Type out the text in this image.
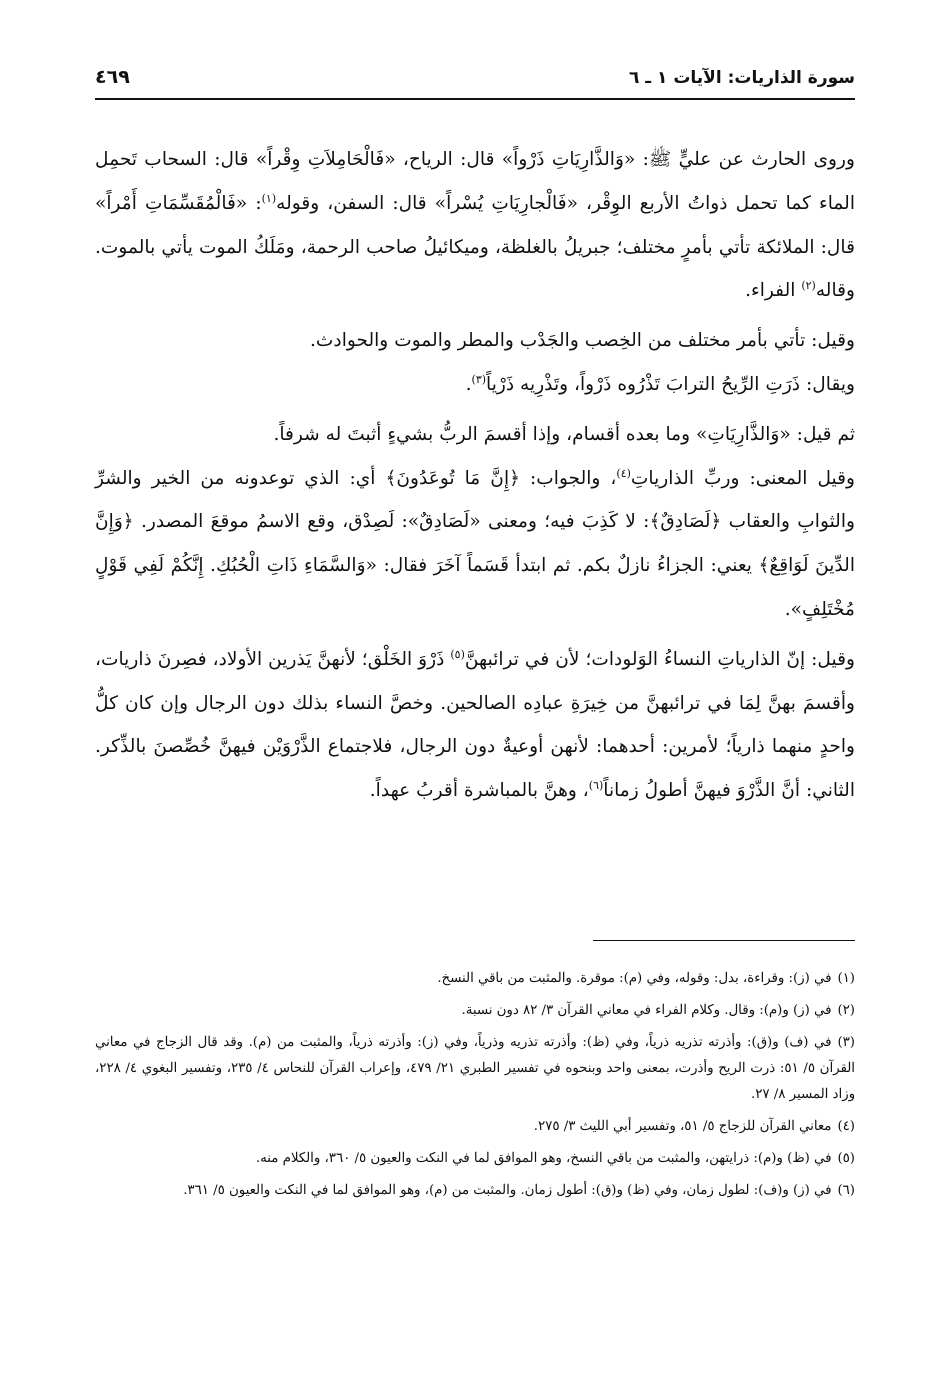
سورة الذاريات: الآيات ١ ـ ٦
٤٦٩

وروى الحارث عن عليٍّ ﷺ: «وَالذَّارِيَاتِ ذَرْواً» قال: الرياح، «فَالْحَامِلاَتِ وِقْراً» قال: السحاب تَحمِل الماء كما تحمل ذواتُ الأربع الوِقْر، «فَالْجارِيَاتِ يُسْراً» قال: السفن، وقوله$^{(١)}$: «فَالْمُقَسِّمَاتِ أَمْراً» قال: الملائكة تأتي بأمرٍ مختلف؛ جبريلُ بالغلظة، وميكائيلُ صاحب الرحمة، ومَلَكُ الموت يأتي بالموت. وقاله$^{(٢)}$ الفراء.

وقيل: تأتي بأمر مختلف من الخِصب والجَدْب والمطر والموت والحوادث.

ويقال: ذَرَتِ الرِّيحُ الترابَ تَذْرُوه ذَرْواً، وتَذْرِيه ذَرْياً$^{(٣)}$.

ثم قيل: «وَالذَّارِيَاتِ» وما بعده أقسام، وإذا أقسمَ الربُّ بشيءٍ أثبتَ له شرفاً.

وقيل المعنى: وربِّ الذارياتِ$^{(٤)}$، والجواب: ﴿إِنَّ مَا تُوعَدُونَ﴾ أي: الذي توعدونه من الخير والشرِّ والثوابِ والعقاب ﴿لَصَادِقٌ﴾: لا كَذِبَ فيه؛ ومعنى «لَصَادِقٌ»: لَصِدْق، وقع الاسمُ موقعَ المصدر. ﴿وَإِنَّ الدِّينَ لَوَاقِعٌ﴾ يعني: الجزاءُ نازلٌ بكم. ثم ابتدأ قَسَماً آخَرَ فقال: «وَالسَّمَاءِ ذَاتِ الْحُبُكِ. إِنَّكُمْ لَفِي قَوْلٍ مُخْتَلِفٍ».

وقيل: إنّ الذارياتِ النساءُ الوَلودات؛ لأن في ترائبهنَّ$^{(٥)}$ ذَرْوَ الخَلْق؛ لأنهنَّ يَذرين الأولاد، فصِرنَ ذاريات، وأقسمَ بهنَّ لِمَا في ترائبهنَّ من خِيرَةِ عبادِه الصالحين. وخصَّ النساء بذلك دون الرجال وإن كان كلُّ واحدٍ منهما ذارياً؛ لأمرين: أحدهما: لأنهن أوعيةٌ دون الرجال، فلاجتماع الذَّرْوَيْن فيهنَّ خُصِّصنَ بالذِّكر. الثاني: أنَّ الذَّرْوَ فيهنَّ أطولُ زماناً$^{(٦)}$، وهنَّ بالمباشرة أقربُ عهداً.

(١)في (ز): وقراءة، بدل: وقوله، وفي (م): موقرة. والمثبت من باقي النسخ.

(٢)في (ز) و(م): وقال. وكلام الفراء في معاني القرآن ٣/ ٨٢ دون نسبة.

(٣)في (ف) و(ق): وأذرته تذريه ذرياً، وفي (ظ): وأذرته تذريه وذرياً، وفي (ز): وأذرته ذرياً، والمثبت من (م). وقد قال الزجاج في معاني القرآن ٥/ ٥١: ذرت الريح وأذرت، بمعنى واحد وبنحوه في تفسير الطبري ٢١/ ٤٧٩، وإعراب القرآن للنحاس ٤/ ٢٣٥، وتفسير البغوي ٤/ ٢٢٨، وزاد المسير ٨/ ٢٧.

(٤)معاني القرآن للزجاج ٥/ ٥١، وتفسير أبي الليث ٣/ ٢٧٥.

(٥)في (ظ) و(م): ذرايتهن، والمثبت من باقي النسخ، وهو الموافق لما في النكت والعيون ٥/ ٣٦٠، والكلام منه.

(٦)في (ز) و(ف): لطول زمان، وفي (ظ) و(ق): أطول زمان. والمثبت من (م)، وهو الموافق لما في النكت والعيون ٥/ ٣٦١.
